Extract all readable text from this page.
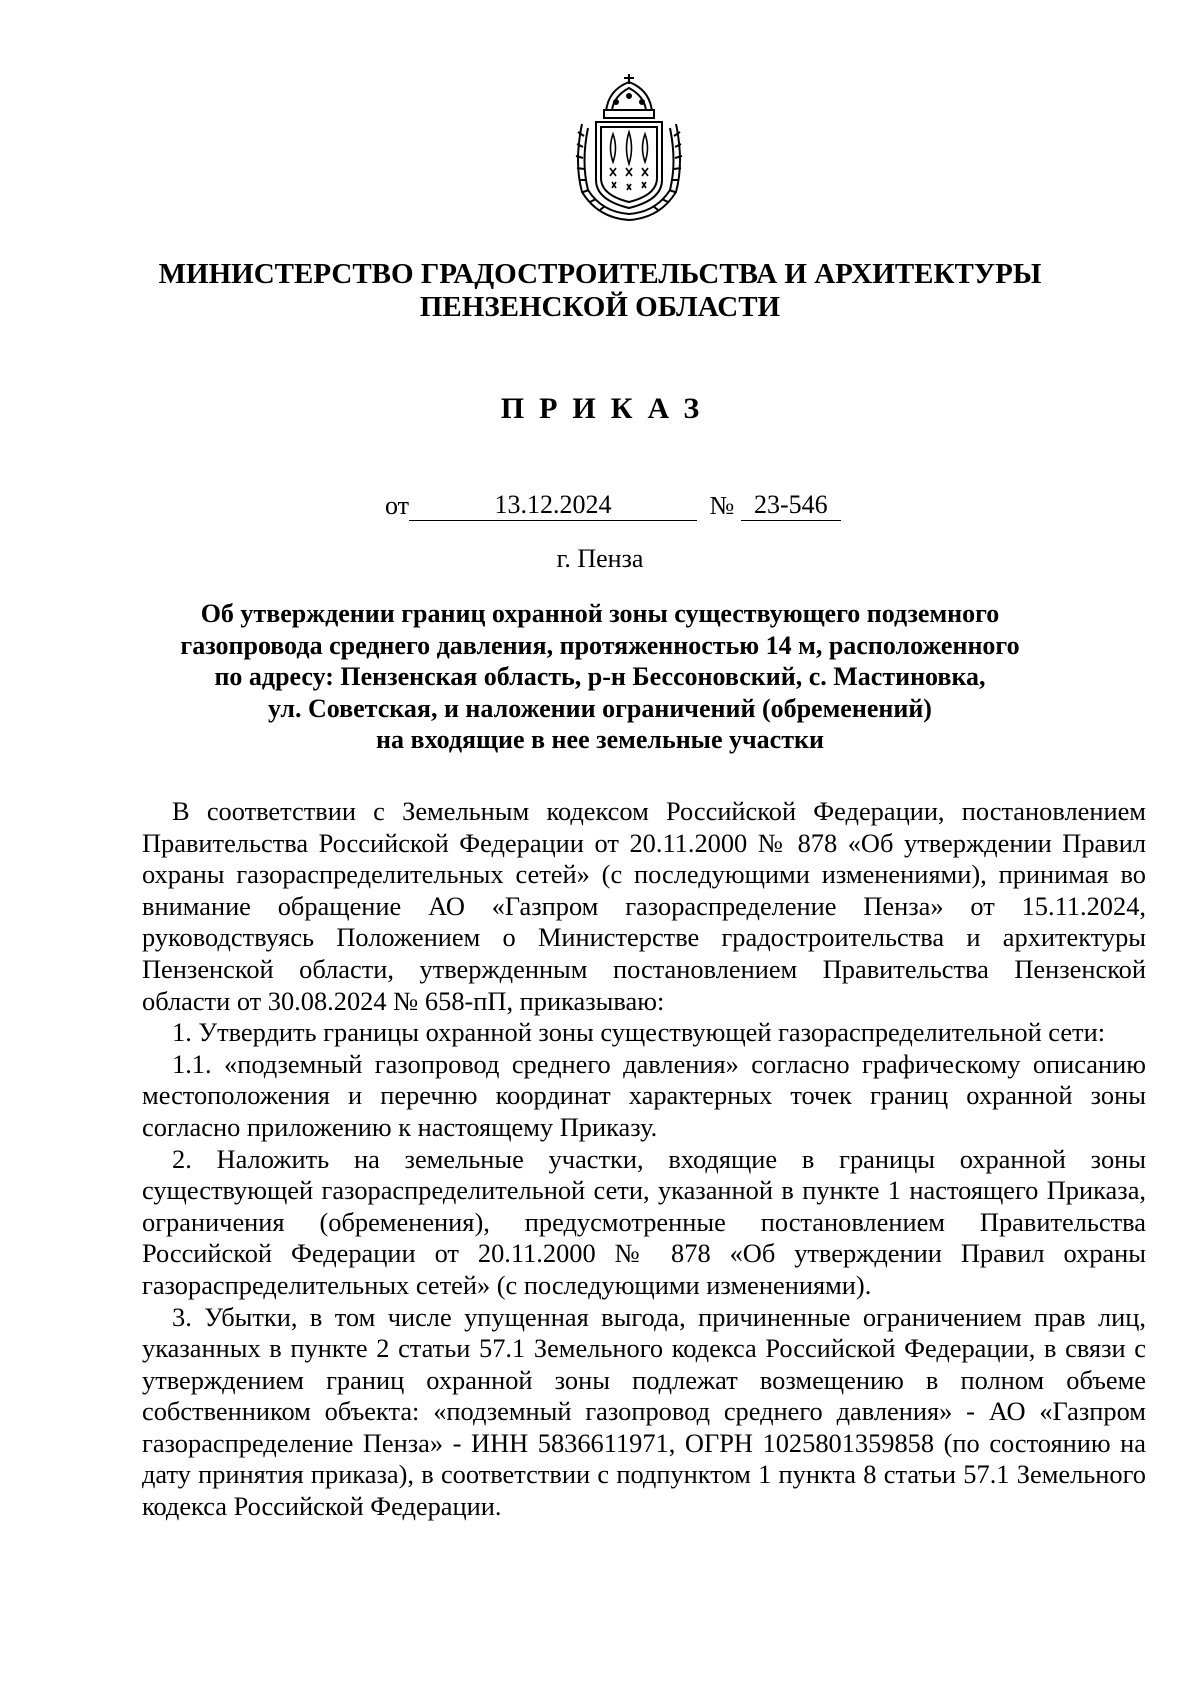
МИНИСТЕРСТВО ГРАДОСТРОИТЕЛЬСТВА И АРХИТЕКТУРЫ
ПЕНЗЕНСКОЙ ОБЛАСТИ
ПРИКАЗ
от	13.12.2024	№ 23-546
г. Пенза
Об утверждении границ охранной зоны существующего подземного
газопровода среднего давления, протяженностью 14 м, расположенного
по адресу: Пензенская область, р-н Бессоновский, с. Мастиновка,
ул. Советская, и наложении ограничений (обременений)
на входящие в нее земельные участки

В соответствии с Земельным кодексом Российской Федерации, постановлением Правительства Российской Федерации от 20.11.2000 № 878 «Об утверждении Правил охраны газораспределительных сетей» (с последующими изменениями), принимая во внимание обращение АО «Газпром газораспределение Пенза» от 15.11.2024, руководствуясь Положением о Министерстве градостроительства и архитектуры Пензенской области, утвержденным постановлением Правительства Пензенской области от 30.08.2024 № 658-пП, приказываю:

1. Утвердить границы охранной зоны существующей газораспределительной сети:

1.1. «подземный газопровод среднего давления» согласно графическому описанию местоположения и перечню координат характерных точек границ охранной зоны согласно приложению к настоящему Приказу.

2. Наложить на земельные участки, входящие в границы охранной зоны существующей газораспределительной сети, указанной в пункте 1 настоящего Приказа, ограничения (обременения), предусмотренные постановлением Правительства Российской Федерации от 20.11.2000 № 878 «Об утверждении Правил охраны газораспределительных сетей» (с последующими изменениями).

3. Убытки, в том числе упущенная выгода, причиненные ограничением прав лиц, указанных в пункте 2 статьи 57.1 Земельного кодекса Российской Федерации, в связи с утверждением границ охранной зоны подлежат возмещению в полном объеме собственником объекта: «подземный газопровод среднего давления» - АО «Газпром газораспределение Пенза» - ИНН 5836611971, ОГРН 1025801359858 (по состоянию на дату принятия приказа), в соответствии с подпунктом 1 пункта 8 статьи 57.1 Земельного кодекса Российской Федерации.
